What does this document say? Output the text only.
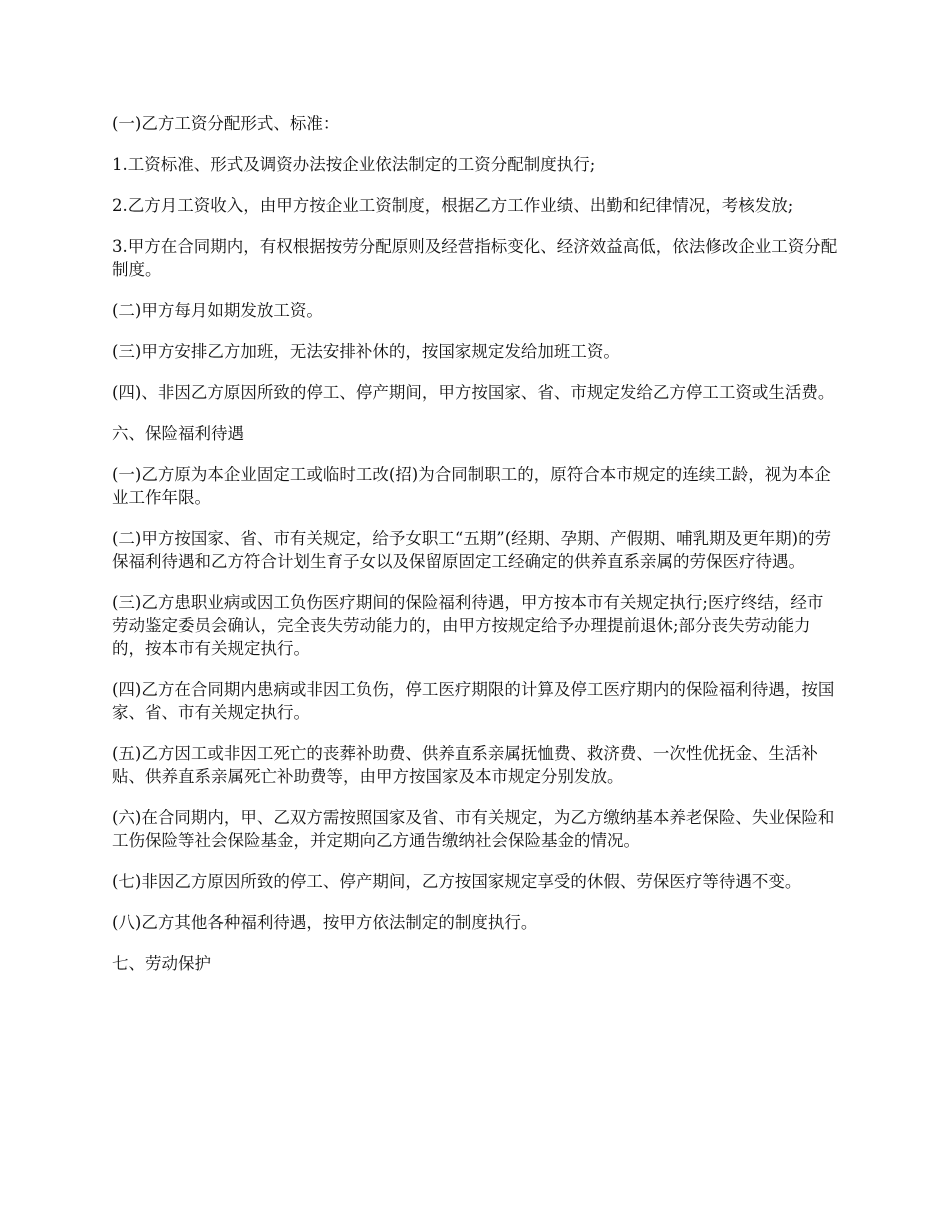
(一)乙方工资分配形式、标准：

1.工资标准、形式及调资办法按企业依法制定的工资分配制度执行;

2.乙方月工资收入，由甲方按企业工资制度，根据乙方工作业绩、出勤和纪律情况，考核发放;

3.甲方在合同期内，有权根据按劳分配原则及经营指标变化、经济效益高低，依法修改企业工资分配制度。

(二)甲方每月如期发放工资。

(三)甲方安排乙方加班，无法安排补休的，按国家规定发给加班工资。

(四)、非因乙方原因所致的停工、停产期间，甲方按国家、省、市规定发给乙方停工工资或生活费。

六、保险福利待遇

(一)乙方原为本企业固定工或临时工改(招)为合同制职工的，原符合本市规定的连续工龄，视为本企业工作年限。

(二)甲方按国家、省、市有关规定，给予女职工“五期”(经期、孕期、产假期、哺乳期及更年期)的劳保福利待遇和乙方符合计划生育子女以及保留原固定工经确定的供养直系亲属的劳保医疗待遇。

(三)乙方患职业病或因工负伤医疗期间的保险福利待遇，甲方按本市有关规定执行;医疗终结，经市劳动鉴定委员会确认，完全丧失劳动能力的，由甲方按规定给予办理提前退休;部分丧失劳动能力的，按本市有关规定执行。

(四)乙方在合同期内患病或非因工负伤，停工医疗期限的计算及停工医疗期内的保险福利待遇，按国家、省、市有关规定执行。

(五)乙方因工或非因工死亡的丧葬补助费、供养直系亲属抚恤费、救济费、一次性优抚金、生活补贴、供养直系亲属死亡补助费等，由甲方按国家及本市规定分别发放。

(六)在合同期内，甲、乙双方需按照国家及省、市有关规定，为乙方缴纳基本养老保险、失业保险和工伤保险等社会保险基金，并定期向乙方通告缴纳社会保险基金的情况。

(七)非因乙方原因所致的停工、停产期间，乙方按国家规定享受的休假、劳保医疗等待遇不变。

(八)乙方其他各种福利待遇，按甲方依法制定的制度执行。

七、劳动保护
